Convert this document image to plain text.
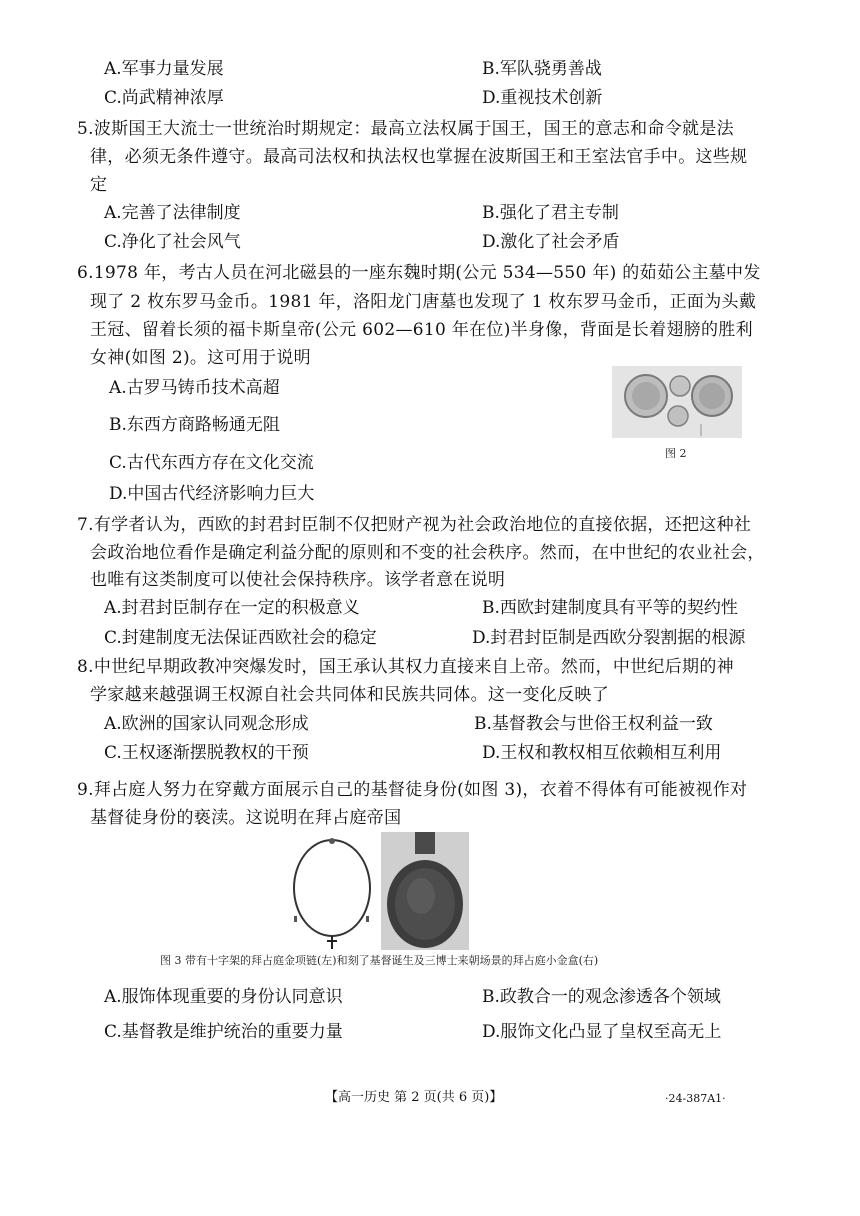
A.军事力量发展	B.军队骁勇善战
C.尚武精神浓厚	D.重视技术创新
5.波斯国王大流士一世统治时期规定：最高立法权属于国王，国王的意志和命令就是法
律，必须无条件遵守。最高司法权和执法权也掌握在波斯国王和王室法官手中。这些规
定
A.完善了法律制度	B.强化了君主专制
C.净化了社会风气	D.激化了社会矛盾
6.1978 年，考古人员在河北磁县的一座东魏时期(公元 534—550 年) 的茹茹公主墓中发
现了 2 枚东罗马金币。1981 年，洛阳龙门唐墓也发现了 1 枚东罗马金币，正面为头戴
王冠、留着长须的福卡斯皇帝(公元 602—610 年在位)半身像，背面是长着翅膀的胜利
女神(如图 2)。这可用于说明
A.古罗马铸币技术高超
B.东西方商路畅通无阻
C.古代东西方存在文化交流
D.中国古代经济影响力巨大
图 2
7.有学者认为，西欧的封君封臣制不仅把财产视为社会政治地位的直接依据，还把这种社
会政治地位看作是确定利益分配的原则和不变的社会秩序。然而，在中世纪的农业社会，
也唯有这类制度可以使社会保持秩序。该学者意在说明
A.封君封臣制存在一定的积极意义	B.西欧封建制度具有平等的契约性
C.封建制度无法保证西欧社会的稳定	D.封君封臣制是西欧分裂割据的根源
8.中世纪早期政教冲突爆发时，国王承认其权力直接来自上帝。然而，中世纪后期的神
学家越来越强调王权源自社会共同体和民族共同体。这一变化反映了
A.欧洲的国家认同观念形成	B.基督教会与世俗王权利益一致
C.王权逐渐摆脱教权的干预	D.王权和教权相互依赖相互利用
9.拜占庭人努力在穿戴方面展示自己的基督徒身份(如图 3)，衣着不得体有可能被视作对
基督徒身份的亵渎。这说明在拜占庭帝国
图 3 带有十字架的拜占庭金项链(左)和刻了基督诞生及三博士来朝场景的拜占庭小金盒(右)
A.服饰体现重要的身份认同意识	B.政教合一的观念渗透各个领域
C.基督教是维护统治的重要力量	D.服饰文化凸显了皇权至高无上
【高一历史 第 2 页(共 6 页)】	·24-387A1·
